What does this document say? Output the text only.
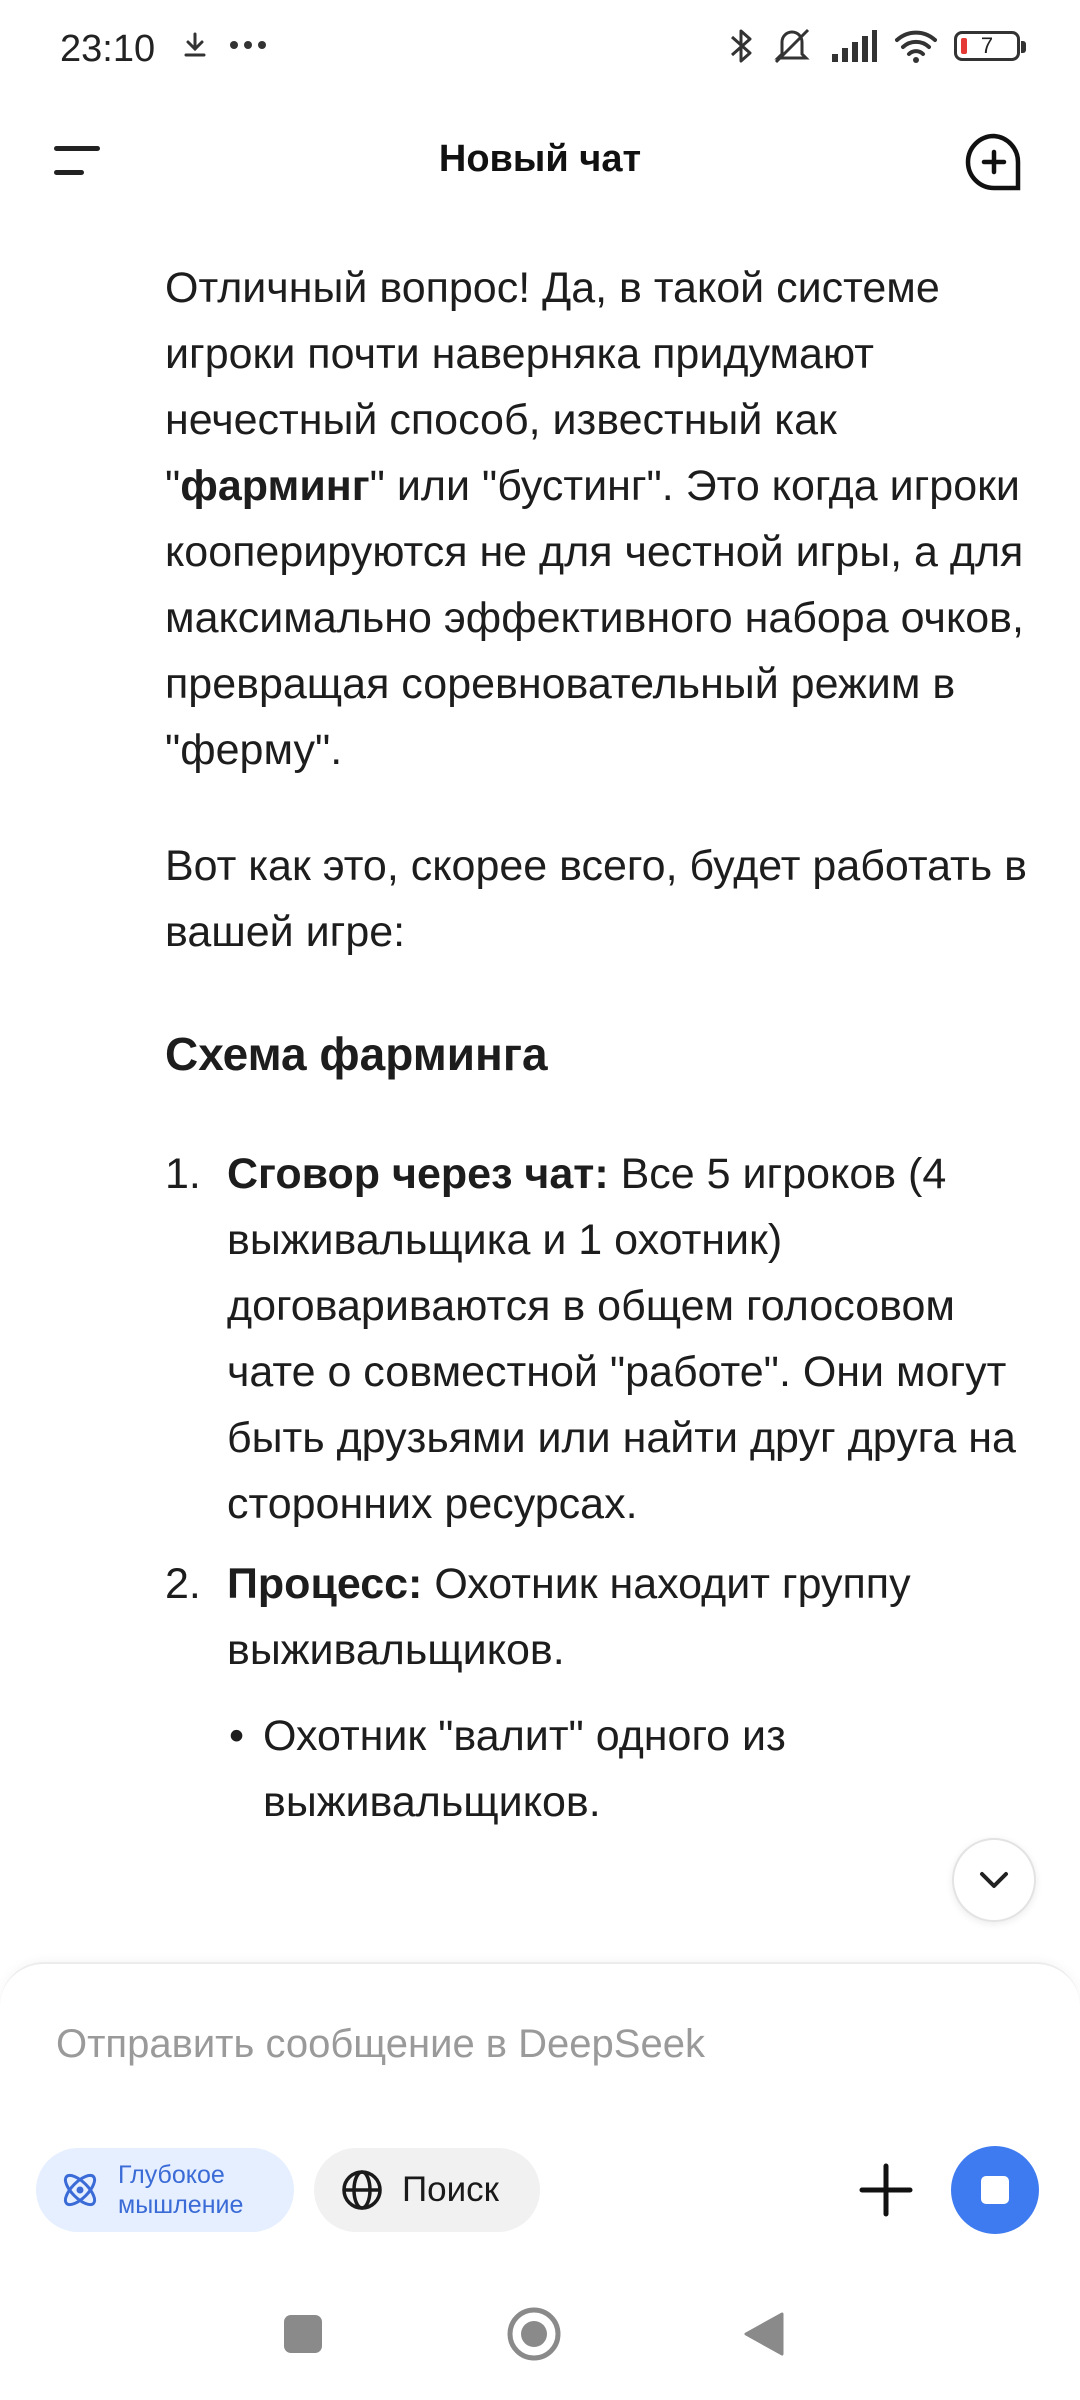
23:10	7
Новый чат

Отличный вопрос! Да, в такой системе игроки почти наверняка придумают нечестный способ, известный как "фарминг" или "бустинг". Это когда игроки кооперируются не для честной игры, а для максимально эффективного набора очков, превращая соревновательный режим в "ферму".

Вот как это, скорее всего, будет работать в вашей игре:

Схема фарминга
1. Сговор через чат: Все 5 игроков (4 выживальщика и 1 охотник) договариваются в общем голосовом чате о совместной "работе". Они могут быть друзьями или найти друг друга на сторонних ресурсах.
2. Процесс: Охотник находит группу выживальщиков.
• Охотник "валит" одного из выживальщиков.
Отправить сообщение в DeepSeek
Глубокое мышление	Поиск
